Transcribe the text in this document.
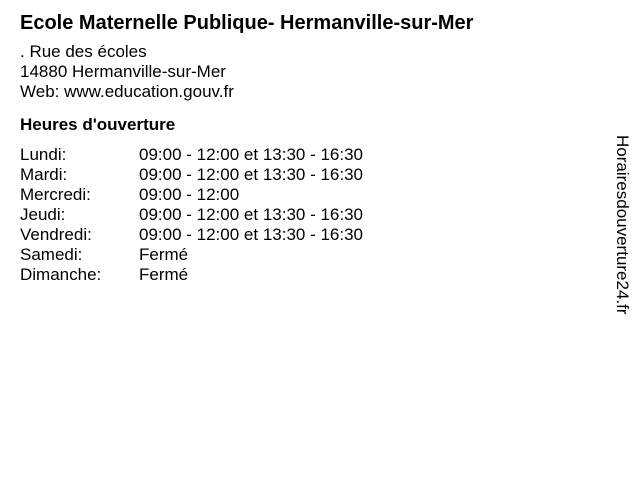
Ecole Maternelle Publique- Hermanville-sur-Mer
. Rue des écoles
14880 Hermanville-sur-Mer
Web: www.education.gouv.fr
Heures d'ouverture
Lundi:	09:00 - 12:00 et 13:30 - 16:30
Mardi:	09:00 - 12:00 et 13:30 - 16:30
Mercredi:	09:00 - 12:00
Jeudi:	09:00 - 12:00 et 13:30 - 16:30
Vendredi:	09:00 - 12:00 et 13:30 - 16:30
Samedi:	Fermé
Dimanche:	Fermé	Horairesdouverture24.fr
